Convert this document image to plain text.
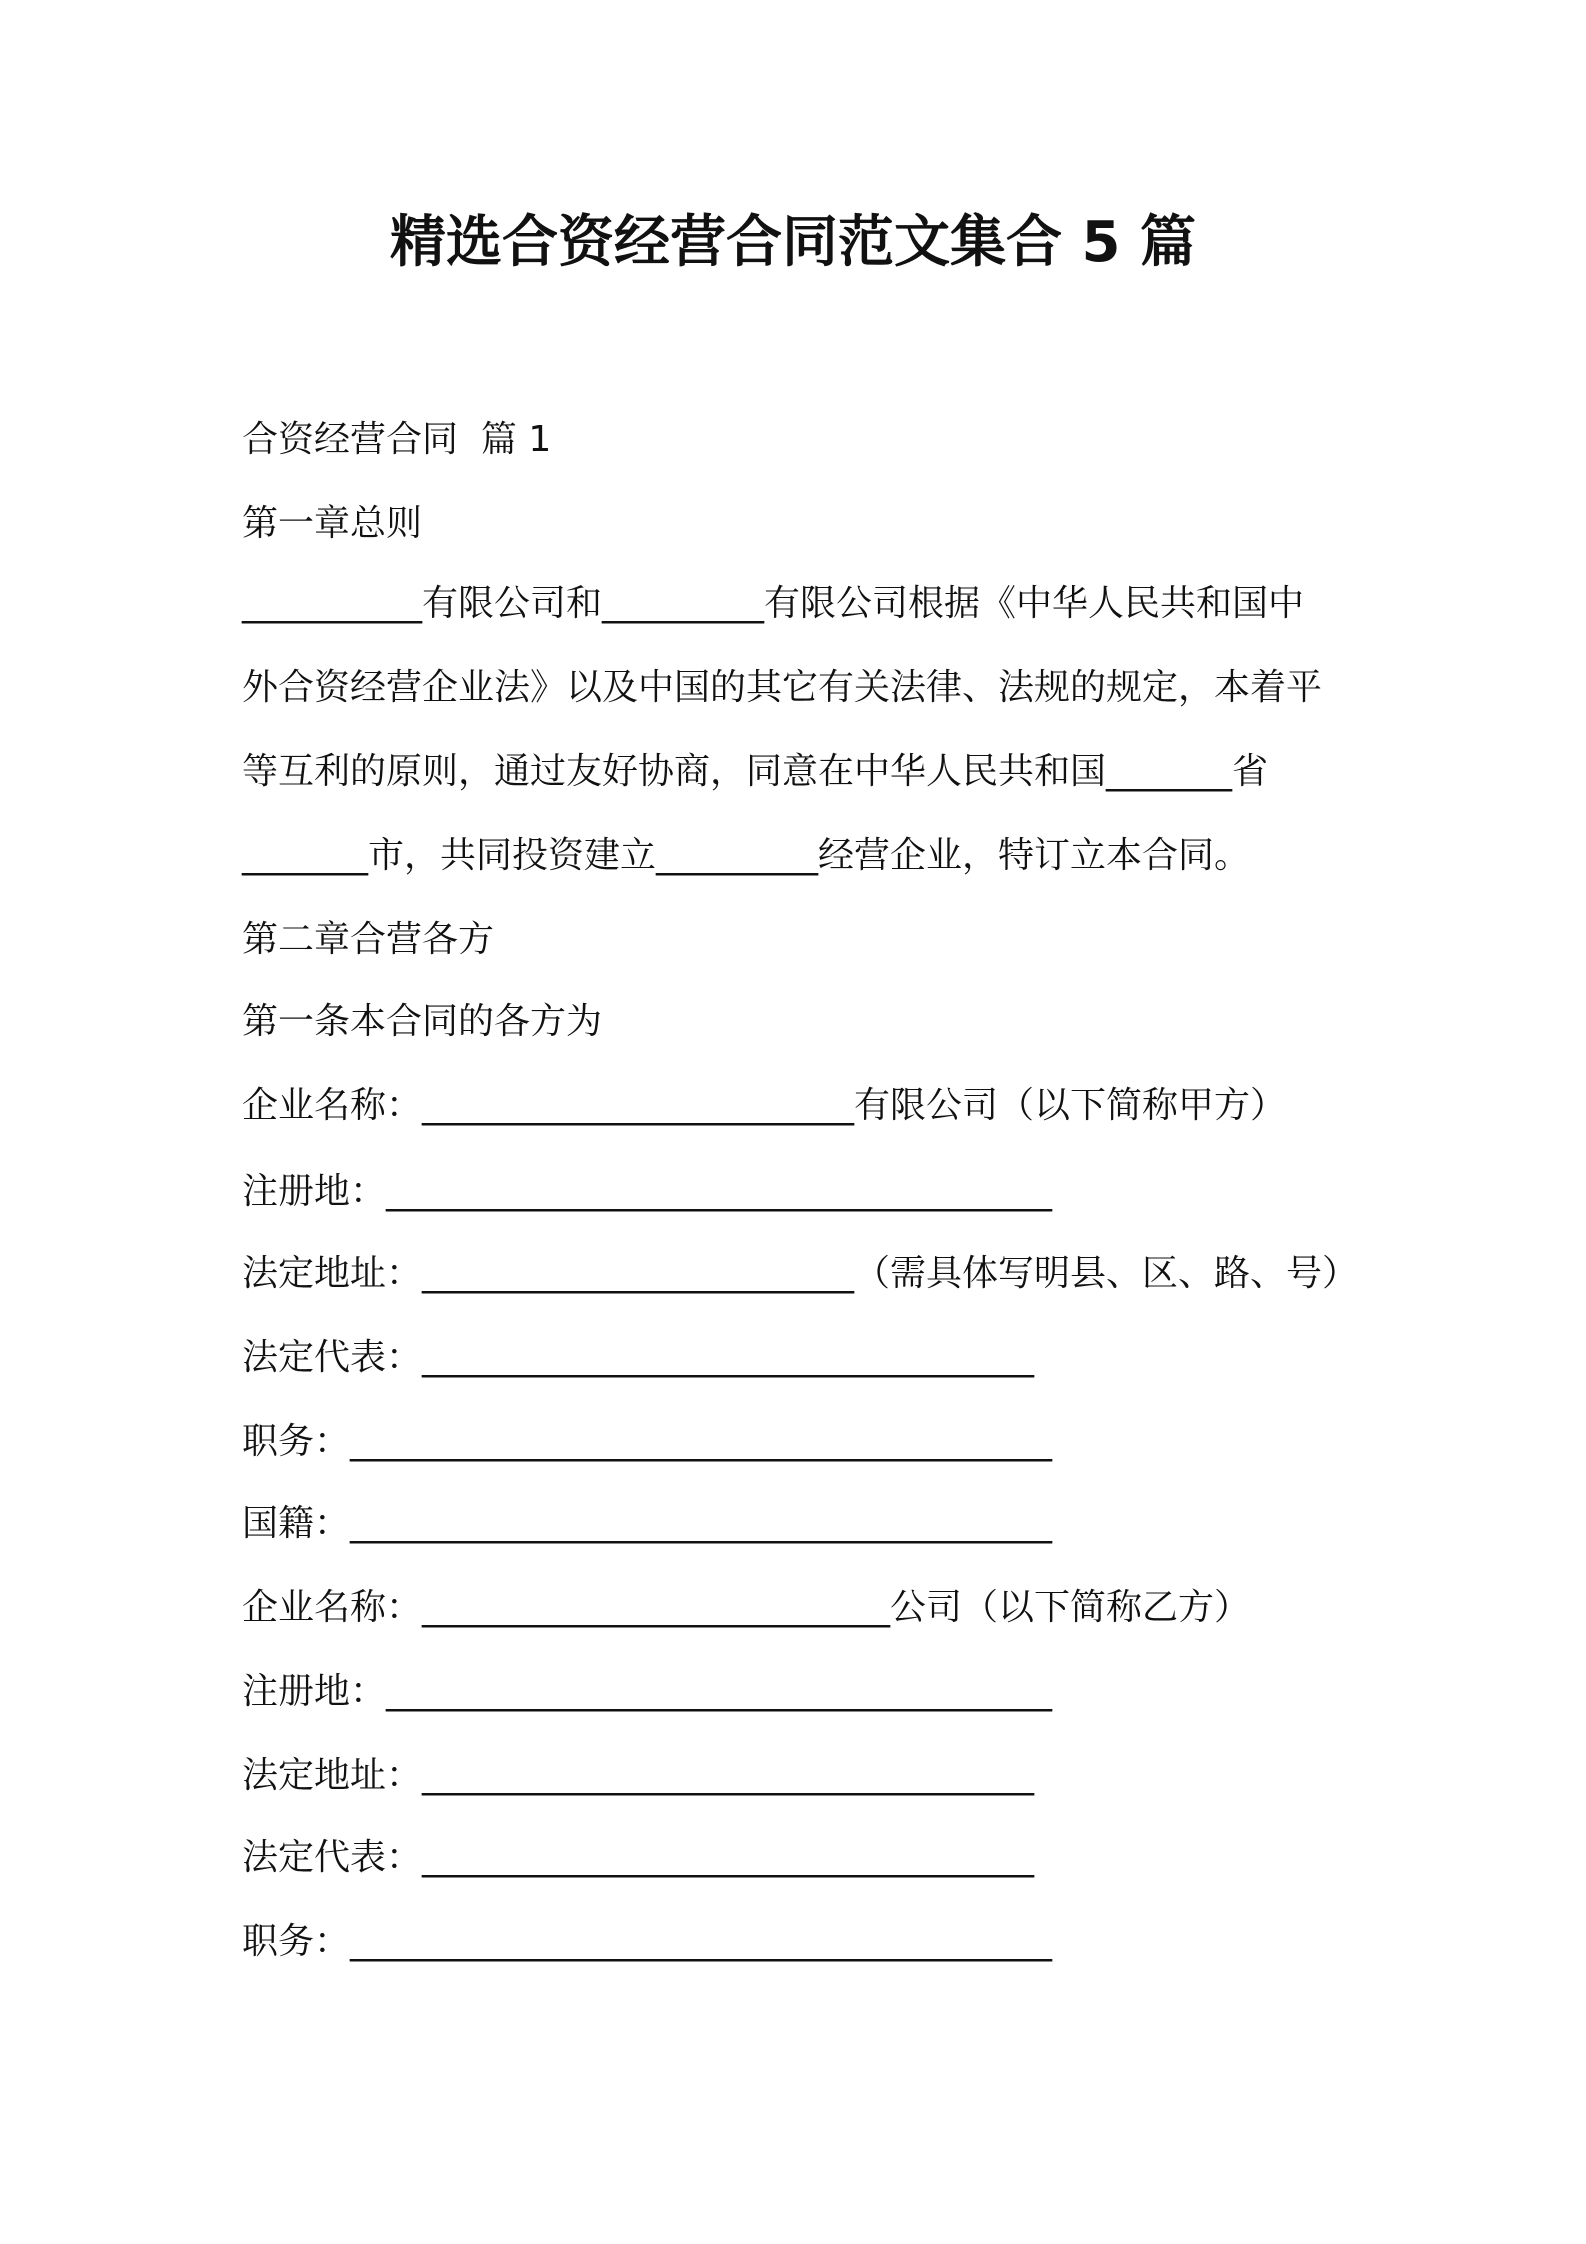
精选合资经营合同范文集合 5 篇
合资经营合同  篇 1
第一章总则
__________有限公司和_________有限公司根据《中华人民共和国中
外合资经营企业法》以及中国的其它有关法律、法规的规定，本着平
等互利的原则，通过友好协商，同意在中华人民共和国_______省
_______市，共同投资建立_________经营企业，特订立本合同。
第二章合营各方
第一条本合同的各方为
企业名称：________________________有限公司（以下简称甲方）
注册地：_____________________________________
法定地址：________________________（需具体写明县、区、路、号）
法定代表：__________________________________
职务：_______________________________________
国籍：_______________________________________
企业名称：__________________________公司（以下简称乙方）
注册地：_____________________________________
法定地址：__________________________________
法定代表：__________________________________
职务：_______________________________________
